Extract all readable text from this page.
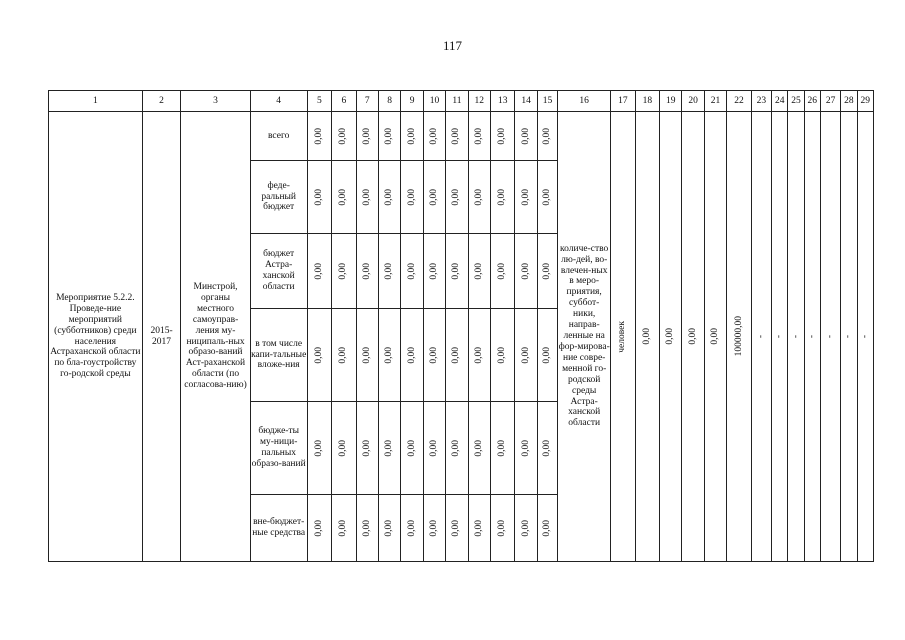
117
1	2	3	4	5	6	7	8	9	10	11	12	13	14	15	16	17	18	19	20	21	22	23	24	25	26	27	28	29
Мероприятие 5.2.2. Проведе-ние мероприятий (субботников) среди населения Астраханской области по бла-гоустройству го-родской среды	2015-2017	Минстрой, органы местного самоуправ-ления му-ниципаль-ных образо-ваний Аст-раханской области (по согласова-нию)	всего	0,00	0,00	0,00	0,00	0,00	0,00	0,00	0,00	0,00	0,00	0,00	количе-ство лю-дей, во-влечен-ных в меро-приятия, суббот-ники, направ-ленные на фор-мирова-ние совре-менной го-родской среды Астра-ханской области	человек	0,00	0,00	0,00	0,00	100000,00	-	-	-	-	-	-	-

			феде-ральный бюджет	0,00	0,00	0,00	0,00	0,00	0,00	0,00	0,00	0,00	0,00	0,00														

			бюджет Астра-ханской области	0,00	0,00	0,00	0,00	0,00	0,00	0,00	0,00	0,00	0,00	0,00														

			в том числе капи-тальные вложе-ния	0,00	0,00	0,00	0,00	0,00	0,00	0,00	0,00	0,00	0,00	0,00														

			бюдже-ты му-ници-пальных образо-ваний	0,00	0,00	0,00	0,00	0,00	0,00	0,00	0,00	0,00	0,00	0,00														

			вне-бюджет-ные средства	0,00	0,00	0,00	0,00	0,00	0,00	0,00	0,00	0,00	0,00	0,00														
